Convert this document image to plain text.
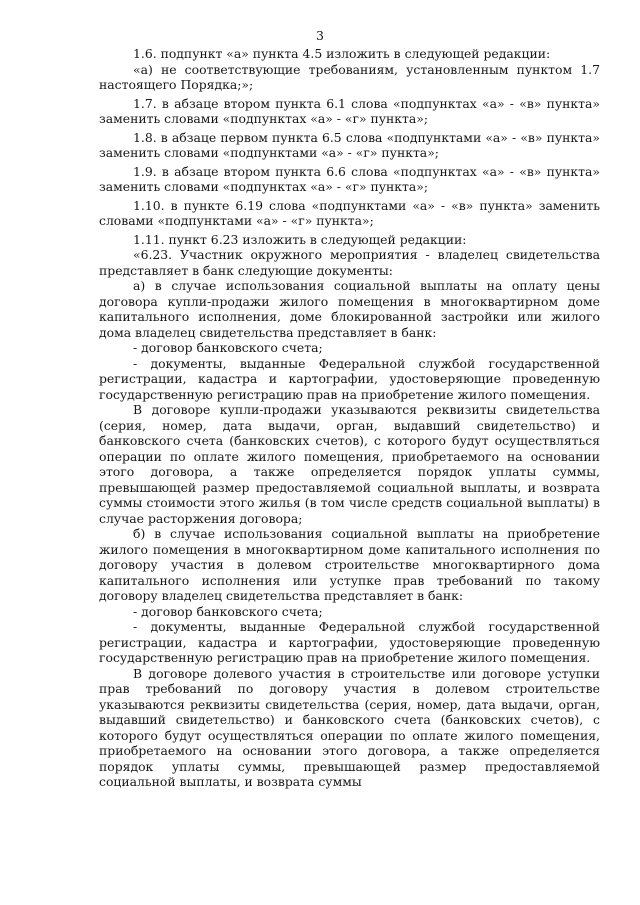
3

1.6. подпункт «а» пункта 4.5 изложить в следующей редакции:

«а) не соответствующие требованиям, установленным пунктом 1.7 настоящего Порядка;»;

1.7. в абзаце втором пункта 6.1 слова «подпунктах «а» - «в» пункта» заменить словами «подпунктах «а» - «г» пункта»;

1.8. в абзаце первом пункта 6.5 слова «подпунктами «а» - «в» пункта» заменить словами «подпунктами «а» - «г» пункта»;

1.9. в абзаце втором пункта 6.6 слова «подпунктах «а» - «в» пункта» заменить словами «подпунктах «а» - «г» пункта»;

1.10. в пункте 6.19 слова «подпунктами «а» - «в» пункта» заменить словами «подпунктами «а» - «г» пункта»;

1.11. пункт 6.23 изложить в следующей редакции:

«6.23. Участник окружного мероприятия - владелец свидетельства представляет в банк следующие документы:

а) в случае использования социальной выплаты на оплату цены договора купли-продажи жилого помещения в многоквартирном доме капитального исполнения, доме блокированной застройки или жилого дома владелец свидетельства представляет в банк:

- договор банковского счета;

- документы, выданные Федеральной службой государственной регистрации, кадастра и картографии, удостоверяющие проведенную государственную регистрацию прав на приобретение жилого помещения.

В договоре купли-продажи указываются реквизиты свидетельства (серия, номер, дата выдачи, орган, выдавший свидетельство) и банковского счета (банковских счетов), с которого будут осуществляться операции по оплате жилого помещения, приобретаемого на основании этого договора, а также определяется порядок уплаты суммы, превышающей размер предоставляемой социальной выплаты, и возврата суммы стоимости этого жилья (в том числе средств социальной выплаты) в случае расторжения договора;

б) в случае использования социальной выплаты на приобретение жилого помещения в многоквартирном доме капитального исполнения по договору участия в долевом строительстве многоквартирного дома капитального исполнения или уступке прав требований по такому договору владелец свидетельства представляет в банк:

- договор банковского счета;

- документы, выданные Федеральной службой государственной регистрации, кадастра и картографии, удостоверяющие проведенную государственную регистрацию прав на приобретение жилого помещения.

В договоре долевого участия в строительстве или договоре уступки прав требований по договору участия в долевом строительстве указываются реквизиты свидетельства (серия, номер, дата выдачи, орган, выдавший свидетельство) и банковского счета (банковских счетов), с которого будут осуществляться операции по оплате жилого помещения, приобретаемого на основании этого договора, а также определяется порядок уплаты суммы, превышающей размер предоставляемой социальной выплаты, и возврата суммы
